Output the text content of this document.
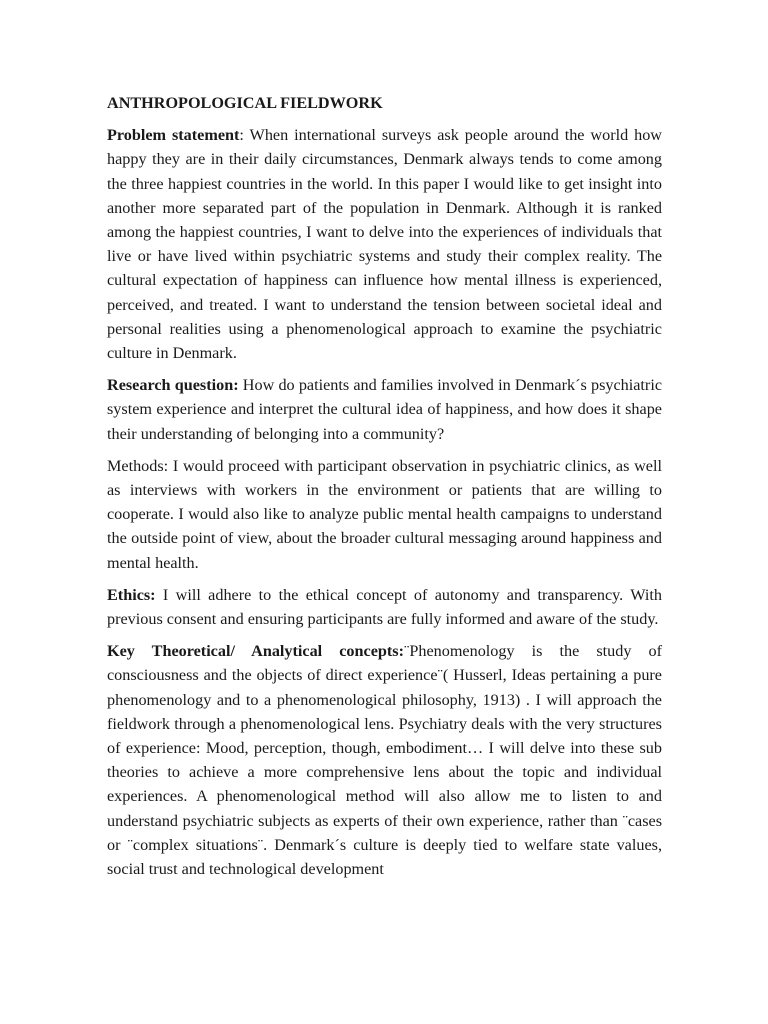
ANTHROPOLOGICAL FIELDWORK

Problem statement: When international surveys ask people around the world how happy they are in their daily circumstances, Denmark always tends to come among the three happiest countries in the world. In this paper I would like to get insight into another more separated part of the population in Denmark. Although it is ranked among the happiest countries, I want to delve into the experiences of individuals that live or have lived within psychiatric systems and study their complex reality. The cultural expectation of happiness can influence how mental illness is experienced, perceived, and treated. I want to understand the tension between societal ideal and personal realities using a phenomenological approach to examine the psychiatric culture in Denmark.

Research question: How do patients and families involved in Denmark´s psychiatric system experience and interpret the cultural idea of happiness, and how does it shape their understanding of belonging into a community?

Methods: I would proceed with participant observation in psychiatric clinics, as well as interviews with workers in the environment or patients that are willing to cooperate. I would also like to analyze public mental health campaigns to understand the outside point of view, about the broader cultural messaging around happiness and mental health.

Ethics: I will adhere to the ethical concept of autonomy and transparency. With previous consent and ensuring participants are fully informed and aware of the study.

Key Theoretical/ Analytical concepts:¨Phenomenology is the study of consciousness and the objects of direct experience¨( Husserl, Ideas pertaining a pure phenomenology and to a phenomenological philosophy, 1913) . I will approach the fieldwork through a phenomenological lens. Psychiatry deals with the very structures of experience: Mood, perception, though, embodiment… I will delve into these sub theories to achieve a more comprehensive lens about the topic and individual experiences. A phenomenological method will also allow me to listen to and understand psychiatric subjects as experts of their own experience, rather than ¨cases or ¨complex situations¨. Denmark´s culture is deeply tied to welfare state values, social trust and technological development
